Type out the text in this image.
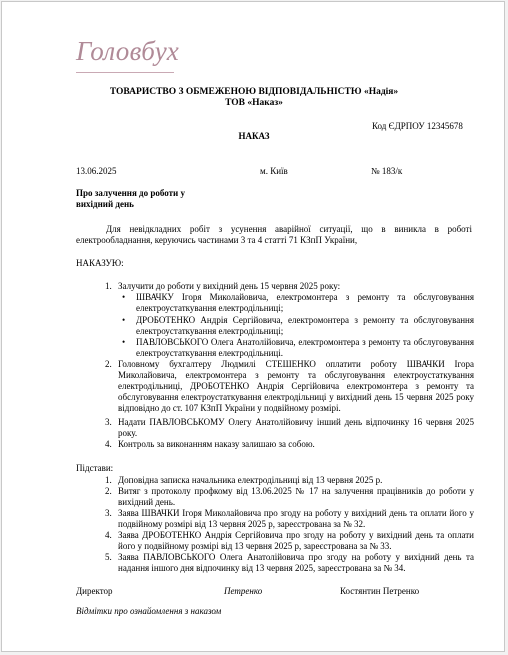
Головбух
ТОВАРИСТВО З ОБМЕЖЕНОЮ ВІДПОВІДАЛЬНІСТЮ «Надія»
ТОВ «Наказ»
Код ЄДРПОУ 12345678
НАКАЗ
13.06.2025	м. Київ	№ 183/к
Про залучення до роботи у
вихідний день
Для невідкладних робіт з усунення аварійної ситуації, що в виникла в роботі електрообладнання, керуючись частинами 3 та 4 статті 71 КЗпП України,
НАКАЗУЮ:
1. Залучити до роботи у вихідний день 15 червня 2025 року:
• ШВАЧКУ Ігоря Миколайовича, електромонтера з ремонту та обслуговування електроустаткування електродільниці;
• ДРОБОТЕНКО Андрія Сергійовича, електромонтера з ремонту та обслуговування електроустаткування електродільниці;
• ПАВЛОВСЬКОГО Олега Анатолійовича, електромонтера з ремонту та обслуговування електроустаткування електродільниці.
2. Головному бухгалтеру Людмилі СТЕШЕНКО оплатити роботу ШВАЧКИ Ігора Миколайовича, електромонтера з ремонту та обслуговування електроустаткування електродільниці, ДРОБОТЕНКО Андрія Сергійовича електромонтера з ремонту та обслуговування електроустаткування електродільниці у вихідний день 15 червня 2025 року відповідно до ст. 107 КЗпП України у подвійному розмірі.
3. Надати ПАВЛОВСЬКОМУ Олегу Анатолійовичу інший день відпочинку 16 червня 2025 року.
4. Контроль за виконанням наказу залишаю за собою.
Підстави:
1. Доповідна записка начальника електродільниці від 13 червня 2025 р.
2. Витяг з протоколу профкому від 13.06.2025 № 17 на залучення працівників до роботи у вихідний день.
3. Заява ШВАЧКИ Ігоря Миколайовича про згоду на роботу у вихідний день та оплати його у подвійному розмірі від 13 червня 2025 р, зареєстрована за № 32.
4. Заява ДРОБОТЕНКО Андрія Сергійовича про згоду на роботу у вихідний день та оплати його у подвійному розмірі від 13 червня 2025 р, зареєстрована за № 33.
5. Заява ПАВЛОВСЬКОГО Олега Анатолійовича про згоду на роботу у вихідний день та надання іншого дня відпочинку від 13 червня 2025, зареєстрована за № 34.
Директор	Петренко	Костянтин Петренко
Відмітки про ознайомлення з наказом
